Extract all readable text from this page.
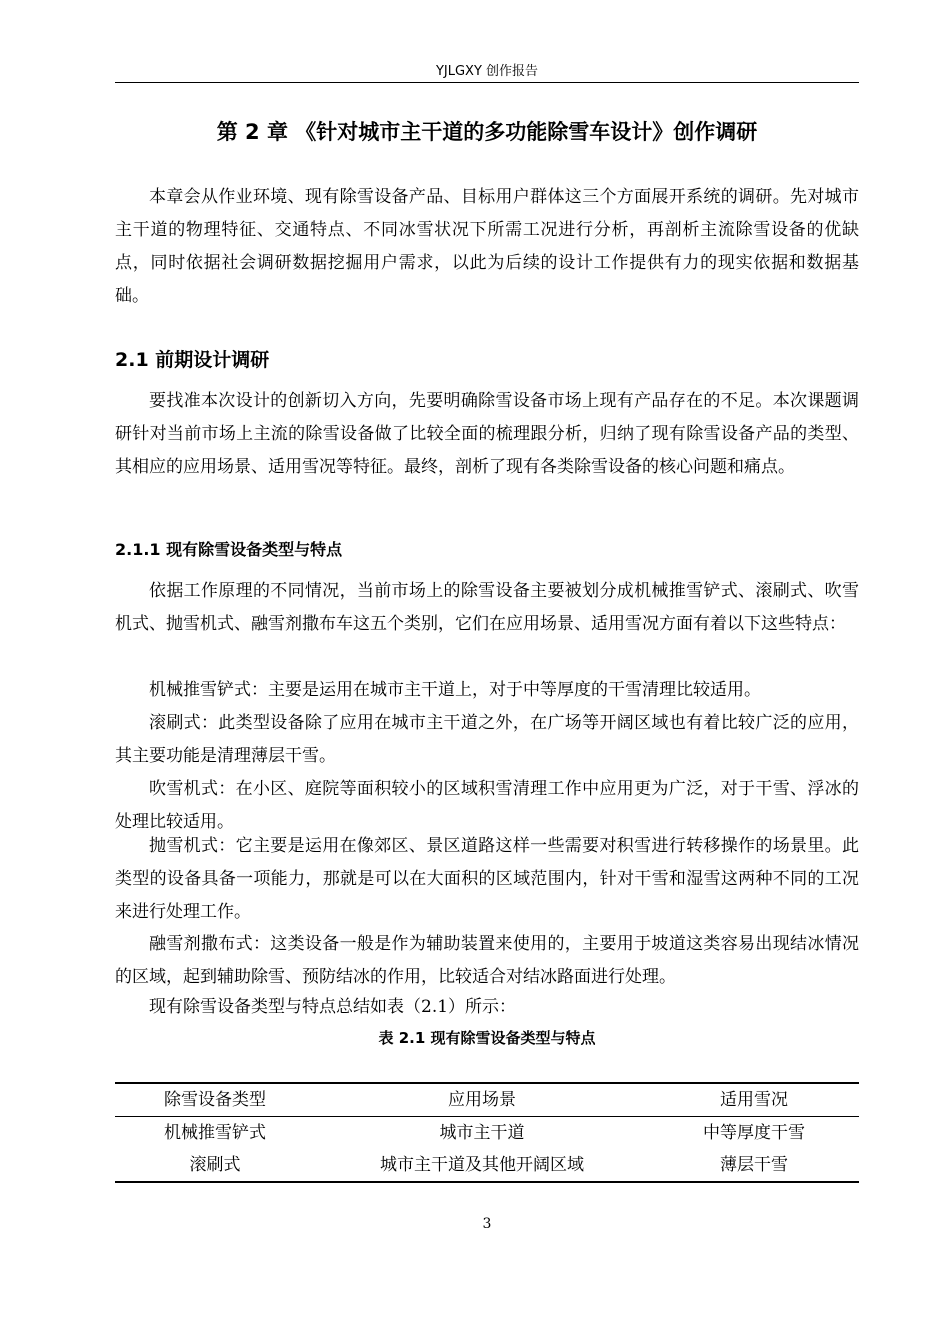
YJLGXY 创作报告
第 2 章 《针对城市主干道的多功能除雪车设计》创作调研

本章会从作业环境、现有除雪设备产品、目标用户群体这三个方面展开系统的调研。先对城市主干道的物理特征、交通特点、不同冰雪状况下所需工况进行分析，再剖析主流除雪设备的优缺点，同时依据社会调研数据挖掘用户需求，以此为后续的设计工作提供有力的现实依据和数据基础。

2.1 前期设计调研

要找准本次设计的创新切入方向，先要明确除雪设备市场上现有产品存在的不足。本次课题调研针对当前市场上主流的除雪设备做了比较全面的梳理跟分析，归纳了现有除雪设备产品的类型、其相应的应用场景、适用雪况等特征。最终，剖析了现有各类除雪设备的核心问题和痛点。

2.1.1 现有除雪设备类型与特点

依据工作原理的不同情况，当前市场上的除雪设备主要被划分成机械推雪铲式、滚刷式、吹雪机式、抛雪机式、融雪剂撒布车这五个类别，它们在应用场景、适用雪况方面有着以下这些特点：

机械推雪铲式：主要是运用在城市主干道上，对于中等厚度的干雪清理比较适用。

滚刷式：此类型设备除了应用在城市主干道之外，在广场等开阔区域也有着比较广泛的应用，其主要功能是清理薄层干雪。

吹雪机式：在小区、庭院等面积较小的区域积雪清理工作中应用更为广泛，对于干雪、浮冰的处理比较适用。

抛雪机式：它主要是运用在像郊区、景区道路这样一些需要对积雪进行转移操作的场景里。此类型的设备具备一项能力，那就是可以在大面积的区域范围内，针对干雪和湿雪这两种不同的工况来进行处理工作。

融雪剂撒布式：这类设备一般是作为辅助装置来使用的，主要用于坡道这类容易出现结冰情况的区域，起到辅助除雪、预防结冰的作用，比较适合对结冰路面进行处理。

现有除雪设备类型与特点总结如表（2.1）所示：

表 2.1 现有除雪设备类型与特点
除雪设备类型	应用场景	适用雪况
机械推雪铲式	城市主干道	中等厚度干雪
滚刷式	城市主干道及其他开阔区域	薄层干雪
3
